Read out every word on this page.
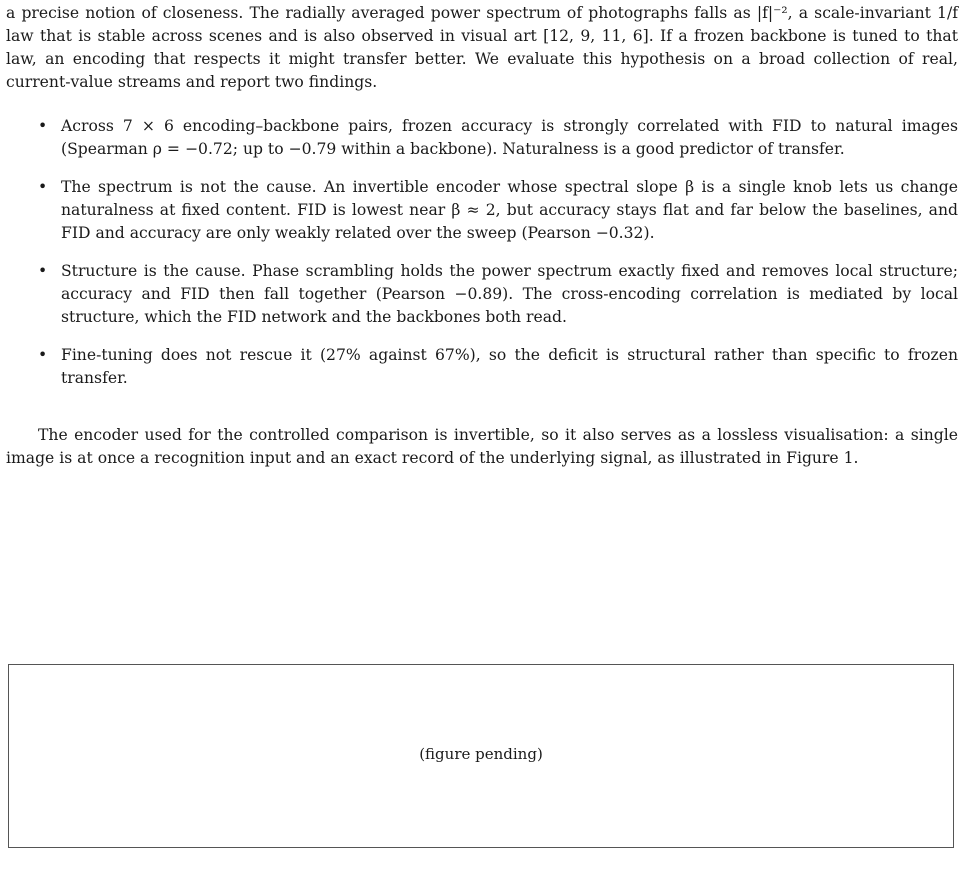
a precise notion of closeness. The radially averaged power spectrum of photographs falls as |f|⁻², a scale-invariant 1/f law that is stable across scenes and is also observed in visual art [12, 9, 11, 6]. If a frozen backbone is tuned to that law, an encoding that respects it might transfer better. We evaluate this hypothesis on a broad collection of real, current-value streams and report two findings.

• Across 7 × 6 encoding–backbone pairs, frozen accuracy is strongly correlated with FID to natural images (Spearman ρ = −0.72; up to −0.79 within a backbone). Naturalness is a good predictor of transfer.

• The spectrum is not the cause. An invertible encoder whose spectral slope β is a single knob lets us change naturalness at fixed content. FID is lowest near β ≈ 2, but accuracy stays flat and far below the baselines, and FID and accuracy are only weakly related over the sweep (Pearson −0.32).

• Structure is the cause. Phase scrambling holds the power spectrum exactly fixed and removes local structure; accuracy and FID then fall together (Pearson −0.89). The cross-encoding correlation is mediated by local structure, which the FID network and the backbones both read.

• Fine-tuning does not rescue it (27% against 67%), so the deficit is structural rather than specific to frozen transfer.

The encoder used for the controlled comparison is invertible, so it also serves as a lossless visualisation: a single image is at once a recognition input and an exact record of the underlying signal, as illustrated in Figure 1.

(figure pending)
